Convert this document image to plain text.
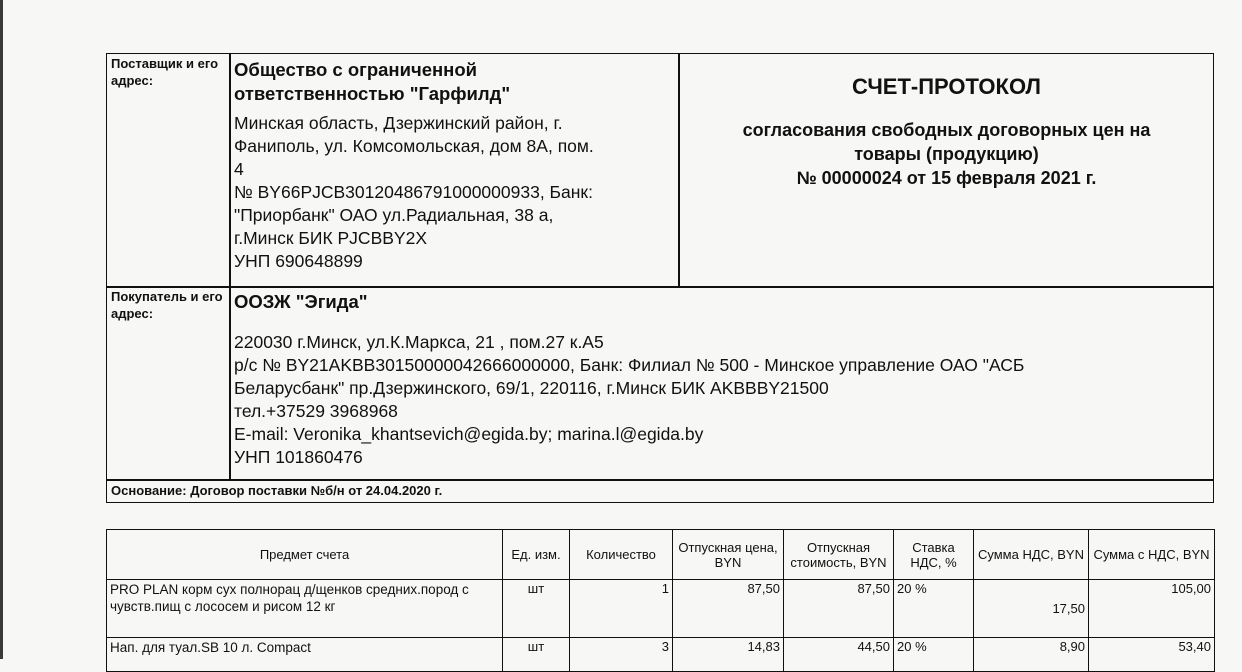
Поставщик и его адрес:
Общество с ограниченной
ответственностью "Гарфилд"
Минская область, Дзержинский район, г.
Фаниполь, ул. Комсомольская, дом 8А, пом.
4
№ BY66PJCB30120486791000000933, Банк:
"Приорбанк" ОАО ул.Радиальная, 38 а,
г.Минск БИК PJCBBY2X
УНП 690648899
СЧЕТ-ПРОТОКОЛ
согласования свободных договорных цен на
товары (продукцию)
№ 00000024 от 15 февраля 2021 г.
Покупатель и его адрес:
ООЗЖ "Эгида"
220030 г.Минск, ул.К.Маркса, 21 , пом.27 к.А5
р/с № BY21AKBB30150000042666000000, Банк: Филиал № 500 - Минское управление ОАО "АСБ
Беларусбанк" пр.Дзержинского, 69/1, 220116, г.Минск БИК AKBBBY21500
тел.+37529 3968968
E-mail: Veronika_khantsevich@egida.by; marina.l@egida.by
УНП 101860476
Основание: Договор поставки №б/н от 24.04.2020 г.
Предмет счета	Ед. изм.	Количество	Отпускная цена, BYN	Отпускная стоимость, BYN	Ставка НДС, %	Сумма НДС, BYN	Сумма с НДС, BYN
PRO PLAN корм сух полнорац д/щенков средних.пород с чувств.пищ с лососем и рисом 12 кг	шт	1	87,50	87,50	20 %	17,50	105,00
Нап. для туал.SB 10 л. Compact	шт	3	14,83	44,50	20 %	8,90	53,40
